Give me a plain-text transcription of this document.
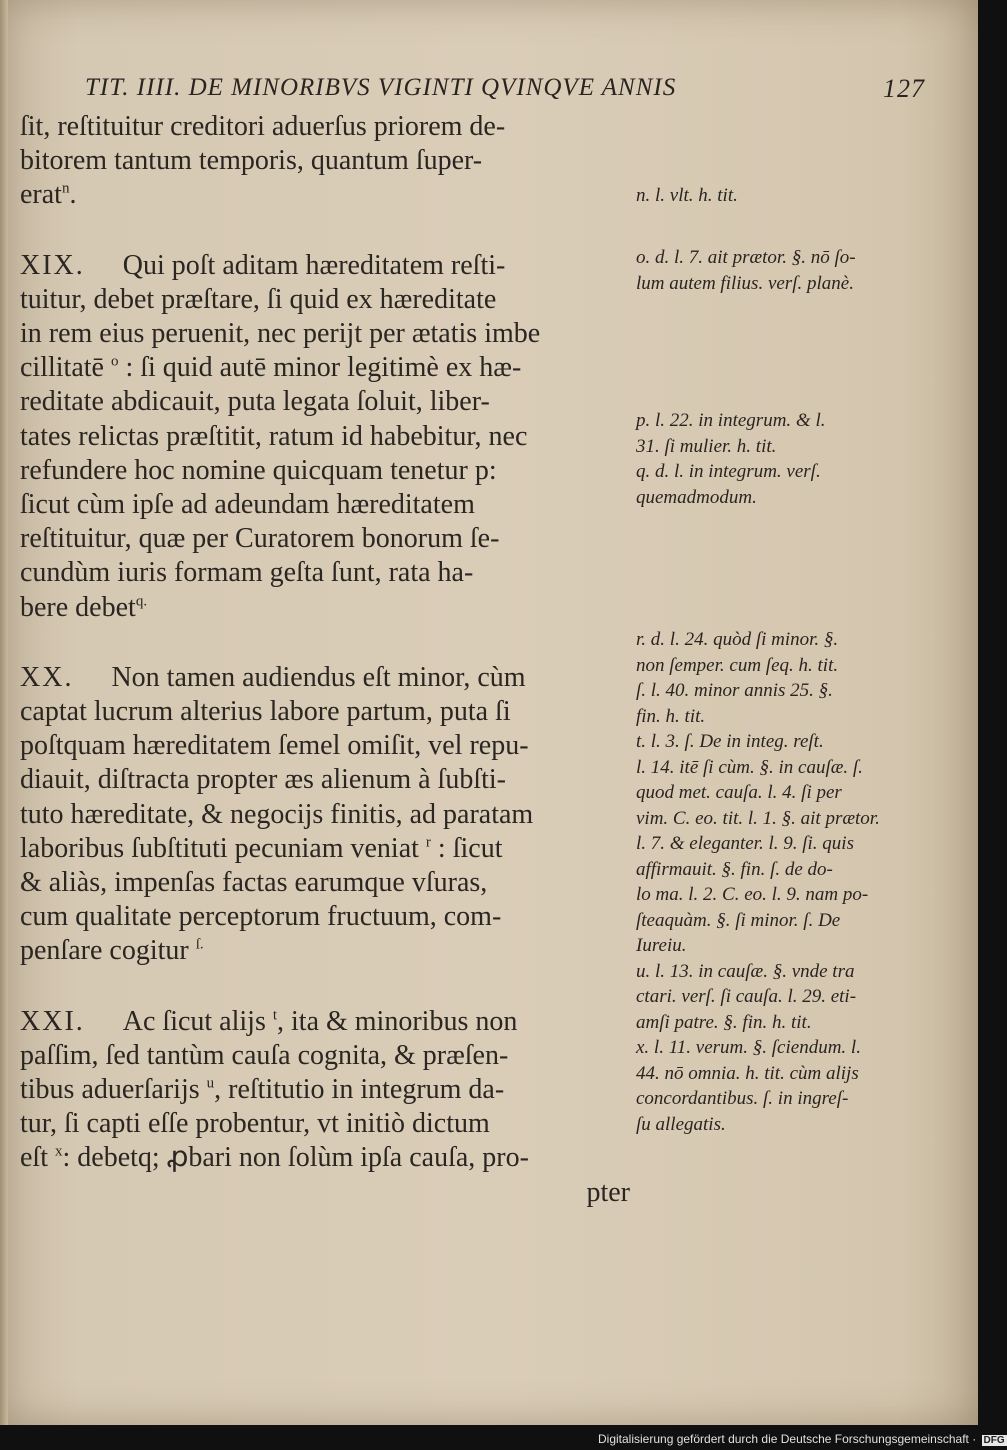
TIT. IIII. DE MINORIBVS VIGINTI QVINQVE ANNIS	127

ſit, reſtituitur creditori aduerſus priorem de-

bitorem tantum temporis, quantum ſuper-

erat$^n$.

XIX. Qui poſt aditam hæreditatem reſti-

tuitur, debet præſtare, ſi quid ex hæreditate

in rem eius peruenit, nec perijt per ætatis imbe

cillitatē $^o$ : ſi quid autē minor legitimè ex hæ-

reditate abdicauit, puta legata ſoluit, liber-

tates relictas præſtitit, ratum id habebitur, nec

refundere hoc nomine quicquam tenetur p:

ſicut cùm ipſe ad adeundam hæreditatem

reſtituitur, quæ per Curatorem bonorum ſe-

cundùm iuris formam geſta ſunt, rata ha-

bere debet$^{q.}$

XX. Non tamen audiendus eſt minor, cùm

captat lucrum alterius labore partum, puta ſi

poſtquam hæreditatem ſemel omiſit, vel repu-

diauit, diſtracta propter æs alienum à ſubſti-

tuto hæreditate, & negocijs finitis, ad paratam

laboribus ſubſtituti pecuniam veniat $^r$ : ſicut

& aliàs, impenſas factas earumque vſuras,

cum qualitate perceptorum fructuum, com-

penſare cogitur $^{ſ.}$

XXI. Ac ſicut alijs $^t$, ita & minoribus non

paſſim, ſed tantùm cauſa cognita, & præſen-

tibus aduerſarijs $^u$, reſtitutio in integrum da-

tur, ſi capti eſſe probentur, vt initiò dictum

eſt $^x$: debetq; ꝓbari non ſolùm ipſa cauſa, pro-

pter

n. l. vlt. h. tit.
o. d. l. 7. ait prætor. §. nō ſo-
lum autem filius. verſ. planè.
p. l. 22. in integrum. & l.
31. ſi mulier. h. tit.
q. d. l. in integrum. verſ.
quemadmodum.
r. d. l. 24. quòd ſi minor. §.
non ſemper. cum ſeq. h. tit.
ſ. l. 40. minor annis 25. §.
fin. h. tit.
t. l. 3. ſ. De in integ. reſt.
l. 14. itē ſi cùm. §. in cauſæ. ſ.
quod met. cauſa. l. 4. ſi per
vim. C. eo. tit. l. 1. §. ait prætor.
l. 7. & eleganter. l. 9. ſi. quis
affirmauit. §. fin. ſ. de do-
lo ma. l. 2. C. eo. l. 9. nam po-
ſteaquàm. §. ſi minor. ſ. De
Iureiu.
u. l. 13. in cauſæ. §. vnde tra
ctari. verſ. ſi cauſa. l. 29. eti-
amſi patre. §. fin. h. tit.
x. l. 11. verum. §. ſciendum. l.
44. nō omnia. h. tit. cùm alijs
concordantibus. ſ. in ingreſ-
ſu allegatis.
Digitalisierung gefördert durch die Deutsche Forschungsgemeinschaft · DFG
